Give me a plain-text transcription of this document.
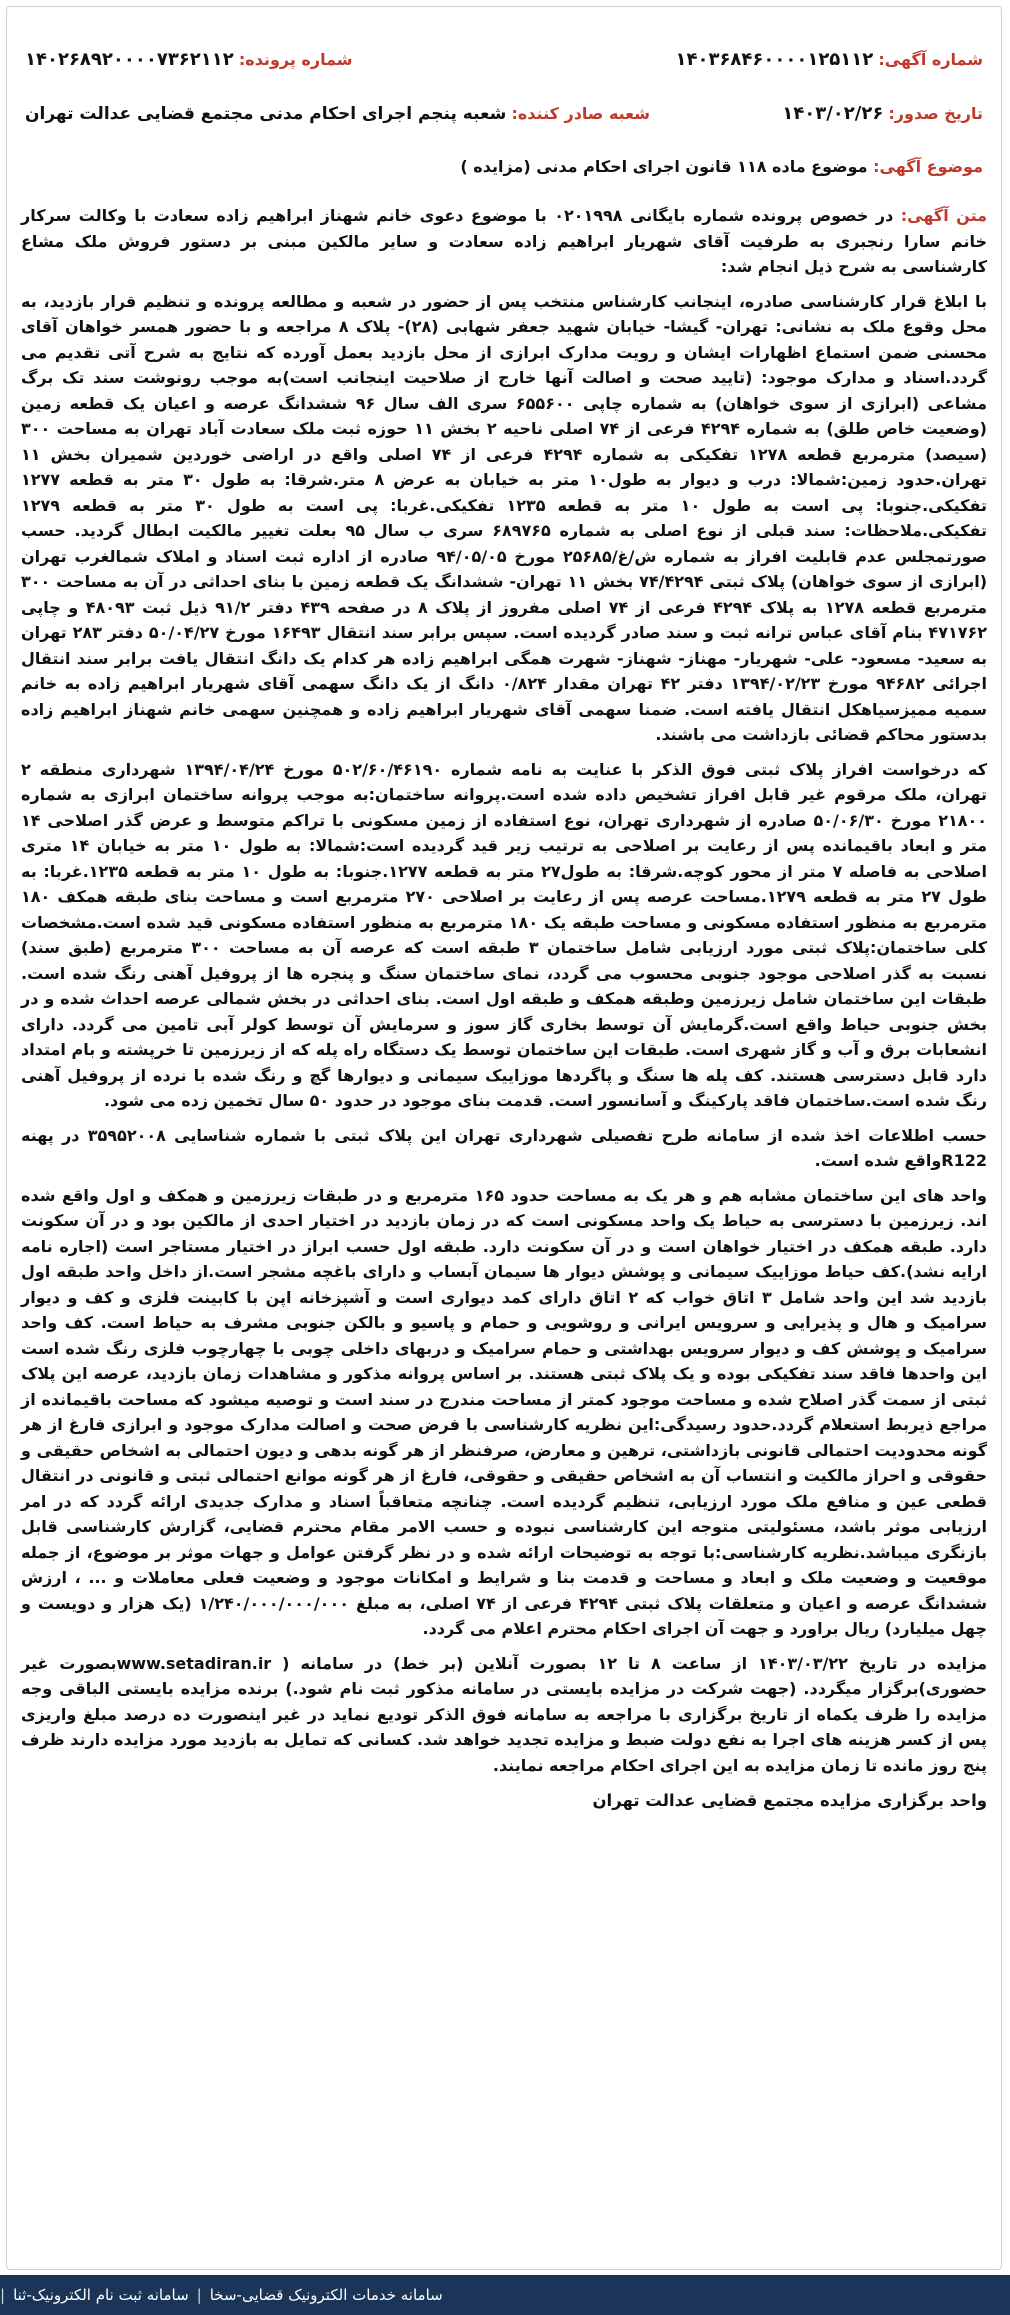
شماره آگهی: ۱۴۰۳۶۸۴۶۰۰۰۰۱۲۵۱۱۲
شماره پرونده: ۱۴۰۲۶۸۹۲۰۰۰۰۷۳۶۲۱۱۲
تاریخ صدور: ۱۴۰۳/۰۲/۲۶
شعبه صادر کننده: شعبه پنجم اجرای احکام مدنی مجتمع قضایی عدالت تهران
موضوع آگهی: موضوع ماده ۱۱۸ قانون اجرای احکام مدنی (مزایده )

متن آگهی: در خصوص پرونده شماره بایگانی ۰۲۰۱۹۹۸ با موضوع دعوی خانم شهناز ابراهیم زاده سعادت با وکالت سرکار خانم سارا رنجبری به طرفیت آقای شهریار ابراهیم زاده سعادت و سایر مالکین مبنی بر دستور فروش ملک مشاع کارشناسی به شرح ذیل انجام شد:

با ابلاغ قرار کارشناسی صادره، اینجانب کارشناس منتخب پس از حضور در شعبه و مطالعه پرونده و تنظیم قرار بازدید، به محل وقوع ملک به نشانی: تهران- گیشا- خیابان شهید جعفر شهابی (۲۸)- پلاک ۸ مراجعه و با حضور همسر خواهان آقای محسنی ضمن استماع اظهارات ایشان و رویت مدارک ابرازی از محل بازدید بعمل آورده که نتایج به شرح آتی تقدیم می گردد.اسناد و مدارک موجود: (تایید صحت و اصالت آنها خارج از صلاحیت اینجانب است)به موجب رونوشت سند تک برگ مشاعی (ابرازی از سوی خواهان) به شماره چاپی ۶۵۵۶۰۰ سری الف سال ۹۶ ششدانگ عرصه و اعیان یک قطعه زمین (وضعیت خاص طلق) به شماره ۴۲۹۴ فرعی از ۷۴ اصلی ناحیه ۲ بخش ۱۱ حوزه ثبت ملک سعادت آباد تهران به مساحت ۳۰۰ (سیصد) مترمربع قطعه ۱۲۷۸ تفکیکی به شماره ۴۲۹۴ فرعی از ۷۴ اصلی واقع در اراضی خوردین شمیران بخش ۱۱ تهران.حدود زمین:شمالا: درب و دیوار به طول۱۰ متر به خیابان به عرض ۸ متر.شرقا: به طول ۳۰ متر به قطعه ۱۲۷۷ تفکیکی.جنوبا: پی است به طول ۱۰ متر به قطعه ۱۲۳۵ تفکیکی.غربا: پی است به طول ۳۰ متر به قطعه ۱۲۷۹ تفکیکی.ملاحظات: سند قبلی از نوع اصلی به شماره ۶۸۹۷۶۵ سری ب سال ۹۵ بعلت تغییر مالکیت ابطال گردید. حسب صورتمجلس عدم قابلیت افراز به شماره ش/غ/۲۵۶۸۵ مورخ ۹۴/۰۵/۰۵ صادره از اداره ثبت اسناد و املاک شمالغرب تهران (ابرازی از سوی خواهان) پلاک ثبتی ۷۴/۴۲۹۴ بخش ۱۱ تهران- ششدانگ یک قطعه زمین با بنای احداثی در آن به مساحت ۳۰۰ مترمربع قطعه ۱۲۷۸ به پلاک ۴۲۹۴ فرعی از ۷۴ اصلی مفروز از پلاک ۸ در صفحه ۴۳۹ دفتر ۹۱/۲ ذیل ثبت ۴۸۰۹۳ و چاپی ۴۷۱۷۶۲ بنام آقای عباس ترانه ثبت و سند صادر گردیده است. سپس برابر سند انتقال ۱۶۴۹۳ مورخ ۵۰/۰۴/۲۷ دفتر ۲۸۳ تهران به سعید- مسعود- علی- شهریار- مهناز- شهناز- شهرت همگی ابراهیم زاده هر کدام یک دانگ انتقال یافت برابر سند انتقال اجرائی ۹۴۶۸۲ مورخ ۱۳۹۴/۰۲/۲۳ دفتر ۴۲ تهران مقدار ۰/۸۲۴ دانگ از یک دانگ سهمی آقای شهریار ابراهیم زاده به خانم سمیه ممیزسیاهکل انتقال یافته است. ضمنا سهمی آقای شهریار ابراهیم زاده و همچنین سهمی خانم شهناز ابراهیم زاده بدستور محاکم قضائی بازداشت می باشند.

که درخواست افراز پلاک ثبتی فوق الذکر با عنایت به نامه شماره ۵۰۲/۶۰/۴۶۱۹۰ مورخ ۱۳۹۴/۰۴/۲۴ شهرداری منطقه ۲ تهران، ملک مرقوم غیر قابل افراز تشخیص داده شده است.پروانه ساختمان:به موجب پروانه ساختمان ابرازی به شماره ۲۱۸۰۰ مورخ ۵۰/۰۶/۳۰ صادره از شهرداری تهران، نوع استفاده از زمین مسکونی با تراکم متوسط و عرض گذر اصلاحی ۱۴ متر و ابعاد باقیمانده پس از رعایت بر اصلاحی به ترتیب زیر قید گردیده است:شمالا: به طول ۱۰ متر به خیابان ۱۴ متری اصلاحی به فاصله ۷ متر از محور کوچه.شرقا: به طول۲۷ متر به قطعه ۱۲۷۷.جنوبا: به طول ۱۰ متر به قطعه ۱۲۳۵.غربا: به طول ۲۷ متر به قطعه ۱۲۷۹.مساحت عرصه پس از رعایت بر اصلاحی ۲۷۰ مترمربع است و مساحت بنای طبقه همکف ۱۸۰ مترمربع به منظور استفاده مسکونی و مساحت طبقه یک ۱۸۰ مترمربع به منظور استفاده مسکونی قید شده است.مشخصات کلی ساختمان:پلاک ثبتی مورد ارزیابی شامل ساختمان ۳ طبقه است که عرصه آن به مساحت ۳۰۰ مترمربع (طبق سند) نسبت به گذر اصلاحی موجود جنوبی محسوب می گردد، نمای ساختمان سنگ و پنجره ها از پروفیل آهنی رنگ شده است. طبقات این ساختمان شامل زیرزمین وطبقه همکف و طبقه اول است. بنای احداثی در بخش شمالی عرصه احداث شده و در بخش جنوبی حیاط واقع است.گرمایش آن توسط بخاری گاز سوز و سرمایش آن توسط کولر آبی تامین می گردد. دارای انشعابات برق و آب و گاز شهری است. طبقات این ساختمان توسط یک دستگاه راه پله که از زیرزمین تا خرپشته و بام امتداد دارد قابل دسترسی هستند. کف پله ها سنگ و پاگردها موزاییک سیمانی و دیوارها گچ و رنگ شده با نرده از پروفیل آهنی رنگ شده است.ساختمان فاقد پارکینگ و آسانسور است. قدمت بنای موجود در حدود ۵۰ سال تخمین زده می شود.

حسب اطلاعات اخذ شده از سامانه طرح تفصیلی شهرداری تهران این پلاک ثبتی با شماره شناسایی ۳۵۹۵۲۰۰۸ در پهنه R122واقع شده است.

واحد های این ساختمان مشابه هم و هر یک به مساحت حدود ۱۶۵ مترمربع و در طبقات زیرزمین و همکف و اول واقع شده اند. زیرزمین با دسترسی به حیاط یک واحد مسکونی است که در زمان بازدید در اختیار احدی از مالکین بود و در آن سکونت دارد. طبقه همکف در اختیار خواهان است و در آن سکونت دارد. طبقه اول حسب ابراز در اختیار مستاجر است (اجاره نامه ارایه نشد).کف حیاط موزاییک سیمانی و پوشش دیوار ها سیمان آبساب و دارای باغچه مشجر است.از داخل واحد طبقه اول بازدید شد این واحد شامل ۳ اتاق خواب که ۲ اتاق دارای کمد دیواری است و آشپزخانه اپن با کابینت فلزی و کف و دیوار سرامیک و هال و پذیرایی و سرویس ایرانی و روشویی و حمام و پاسیو و بالکن جنوبی مشرف به حیاط است. کف واحد سرامیک و پوشش کف و دیوار سرویس بهداشتی و حمام سرامیک و دربهای داخلی چوبی با چهارچوب فلزی رنگ شده است این واحدها فاقد سند تفکیکی بوده و یک پلاک ثبتی هستند. بر اساس پروانه مذکور و مشاهدات زمان بازدید، عرصه این پلاک ثبتی از سمت گذر اصلاح شده و مساحت موجود کمتر از مساحت مندرج در سند است و توصیه میشود که مساحت باقیمانده از مراجع ذیربط استعلام گردد.حدود رسیدگی:این نظریه کارشناسی با فرض صحت و اصالت مدارک موجود و ابرازی فارغ از هر گونه محدودیت احتمالی قانونی بازداشتی، ترهین و معارض، صرفنظر از هر گونه بدهی و دیون احتمالی به اشخاص حقیقی و حقوقی و احراز مالکیت و انتساب آن به اشخاص حقیقی و حقوقی، فارغ از هر گونه موانع احتمالی ثبتی و قانونی در انتقال قطعی عین و منافع ملک مورد ارزیابی، تنظیم گردیده است. چنانچه متعاقباً اسناد و مدارک جدیدی ارائه گردد که در امر ارزیابی موثر باشد، مسئولیتی متوجه این کارشناسی نبوده و حسب الامر مقام محترم قضایی، گزارش کارشناسی قابل بازنگری میباشد.نظریه کارشناسی:با توجه به توضیحات ارائه شده و در نظر گرفتن عوامل و جهات موثر بر موضوع، از جمله موقعیت و وضعیت ملک و ابعاد و مساحت و قدمت بنا و شرایط و امکانات موجود و وضعیت فعلی معاملات و ... ، ارزش ششدانگ عرصه و اعیان و متعلقات پلاک ثبتی ۴۲۹۴ فرعی از ۷۴ اصلی، به مبلغ ۱/۲۴۰/۰۰۰/۰۰۰/۰۰۰ (یک هزار و دویست و چهل میلیارد) ریال براورد و جهت آن اجرای احکام محترم اعلام می گردد.

مزایده در تاریخ ۱۴۰۳/۰۳/۲۲ از ساعت ۸ تا ۱۲ بصورت آنلاین (بر خط) در سامانه ( www.setadiran.irبصورت غیر حضوری)برگزار میگردد. (جهت شرکت در مزایده بایستی در سامانه مذکور ثبت نام شود.) برنده مزایده بایستی الباقی وجه مزایده را ظرف یکماه از تاریخ برگزاری با مراجعه به سامانه فوق الذکر تودیع نماید در غیر اینصورت ده درصد مبلغ واریزی پس از کسر هزینه های اجرا به نفع دولت ضبط و مزایده تجدید خواهد شد. کسانی که تمایل به بازدید مورد مزایده دارند ظرف پنج روز مانده تا زمان مزایده به این اجرای احکام مراجعه نمایند.

واحد برگزاری مزایده مجتمع قضایی عدالت تهران
سامانه خدمات الکترونیک قضایی-سخا
|
سامانه ثبت نام الکترونیک-ثنا
|
